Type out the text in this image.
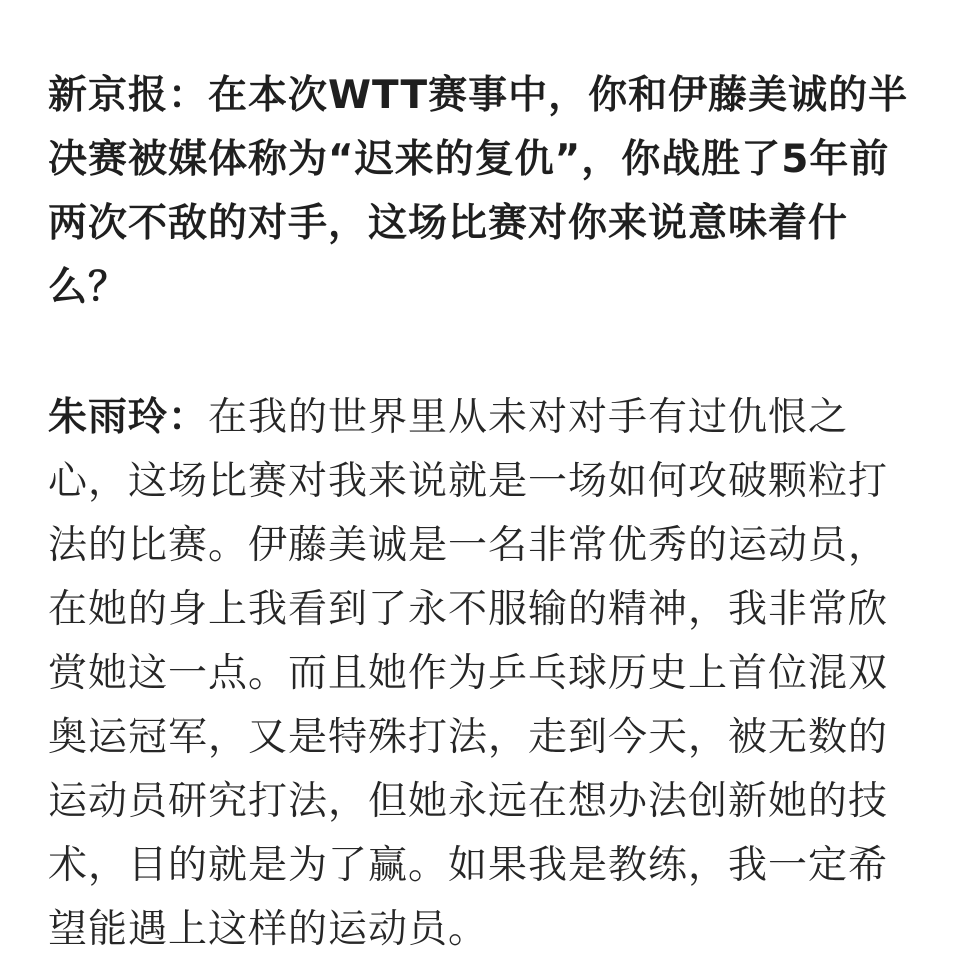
新京报：在本次WTT赛事中，你和伊藤美诚的半决赛被媒体称为“迟来的复仇”，你战胜了5年前两次不敌的对手，这场比赛对你来说意味着什么？

朱雨玲：在我的世界里从未对对手有过仇恨之心，这场比赛对我来说就是一场如何攻破颗粒打法的比赛。伊藤美诚是一名非常优秀的运动员，在她的身上我看到了永不服输的精神，我非常欣赏她这一点。而且她作为乒乓球历史上首位混双奥运冠军，又是特殊打法，走到今天，被无数的运动员研究打法，但她永远在想办法创新她的技术，目的就是为了赢。如果我是教练，我一定希望能遇上这样的运动员。
